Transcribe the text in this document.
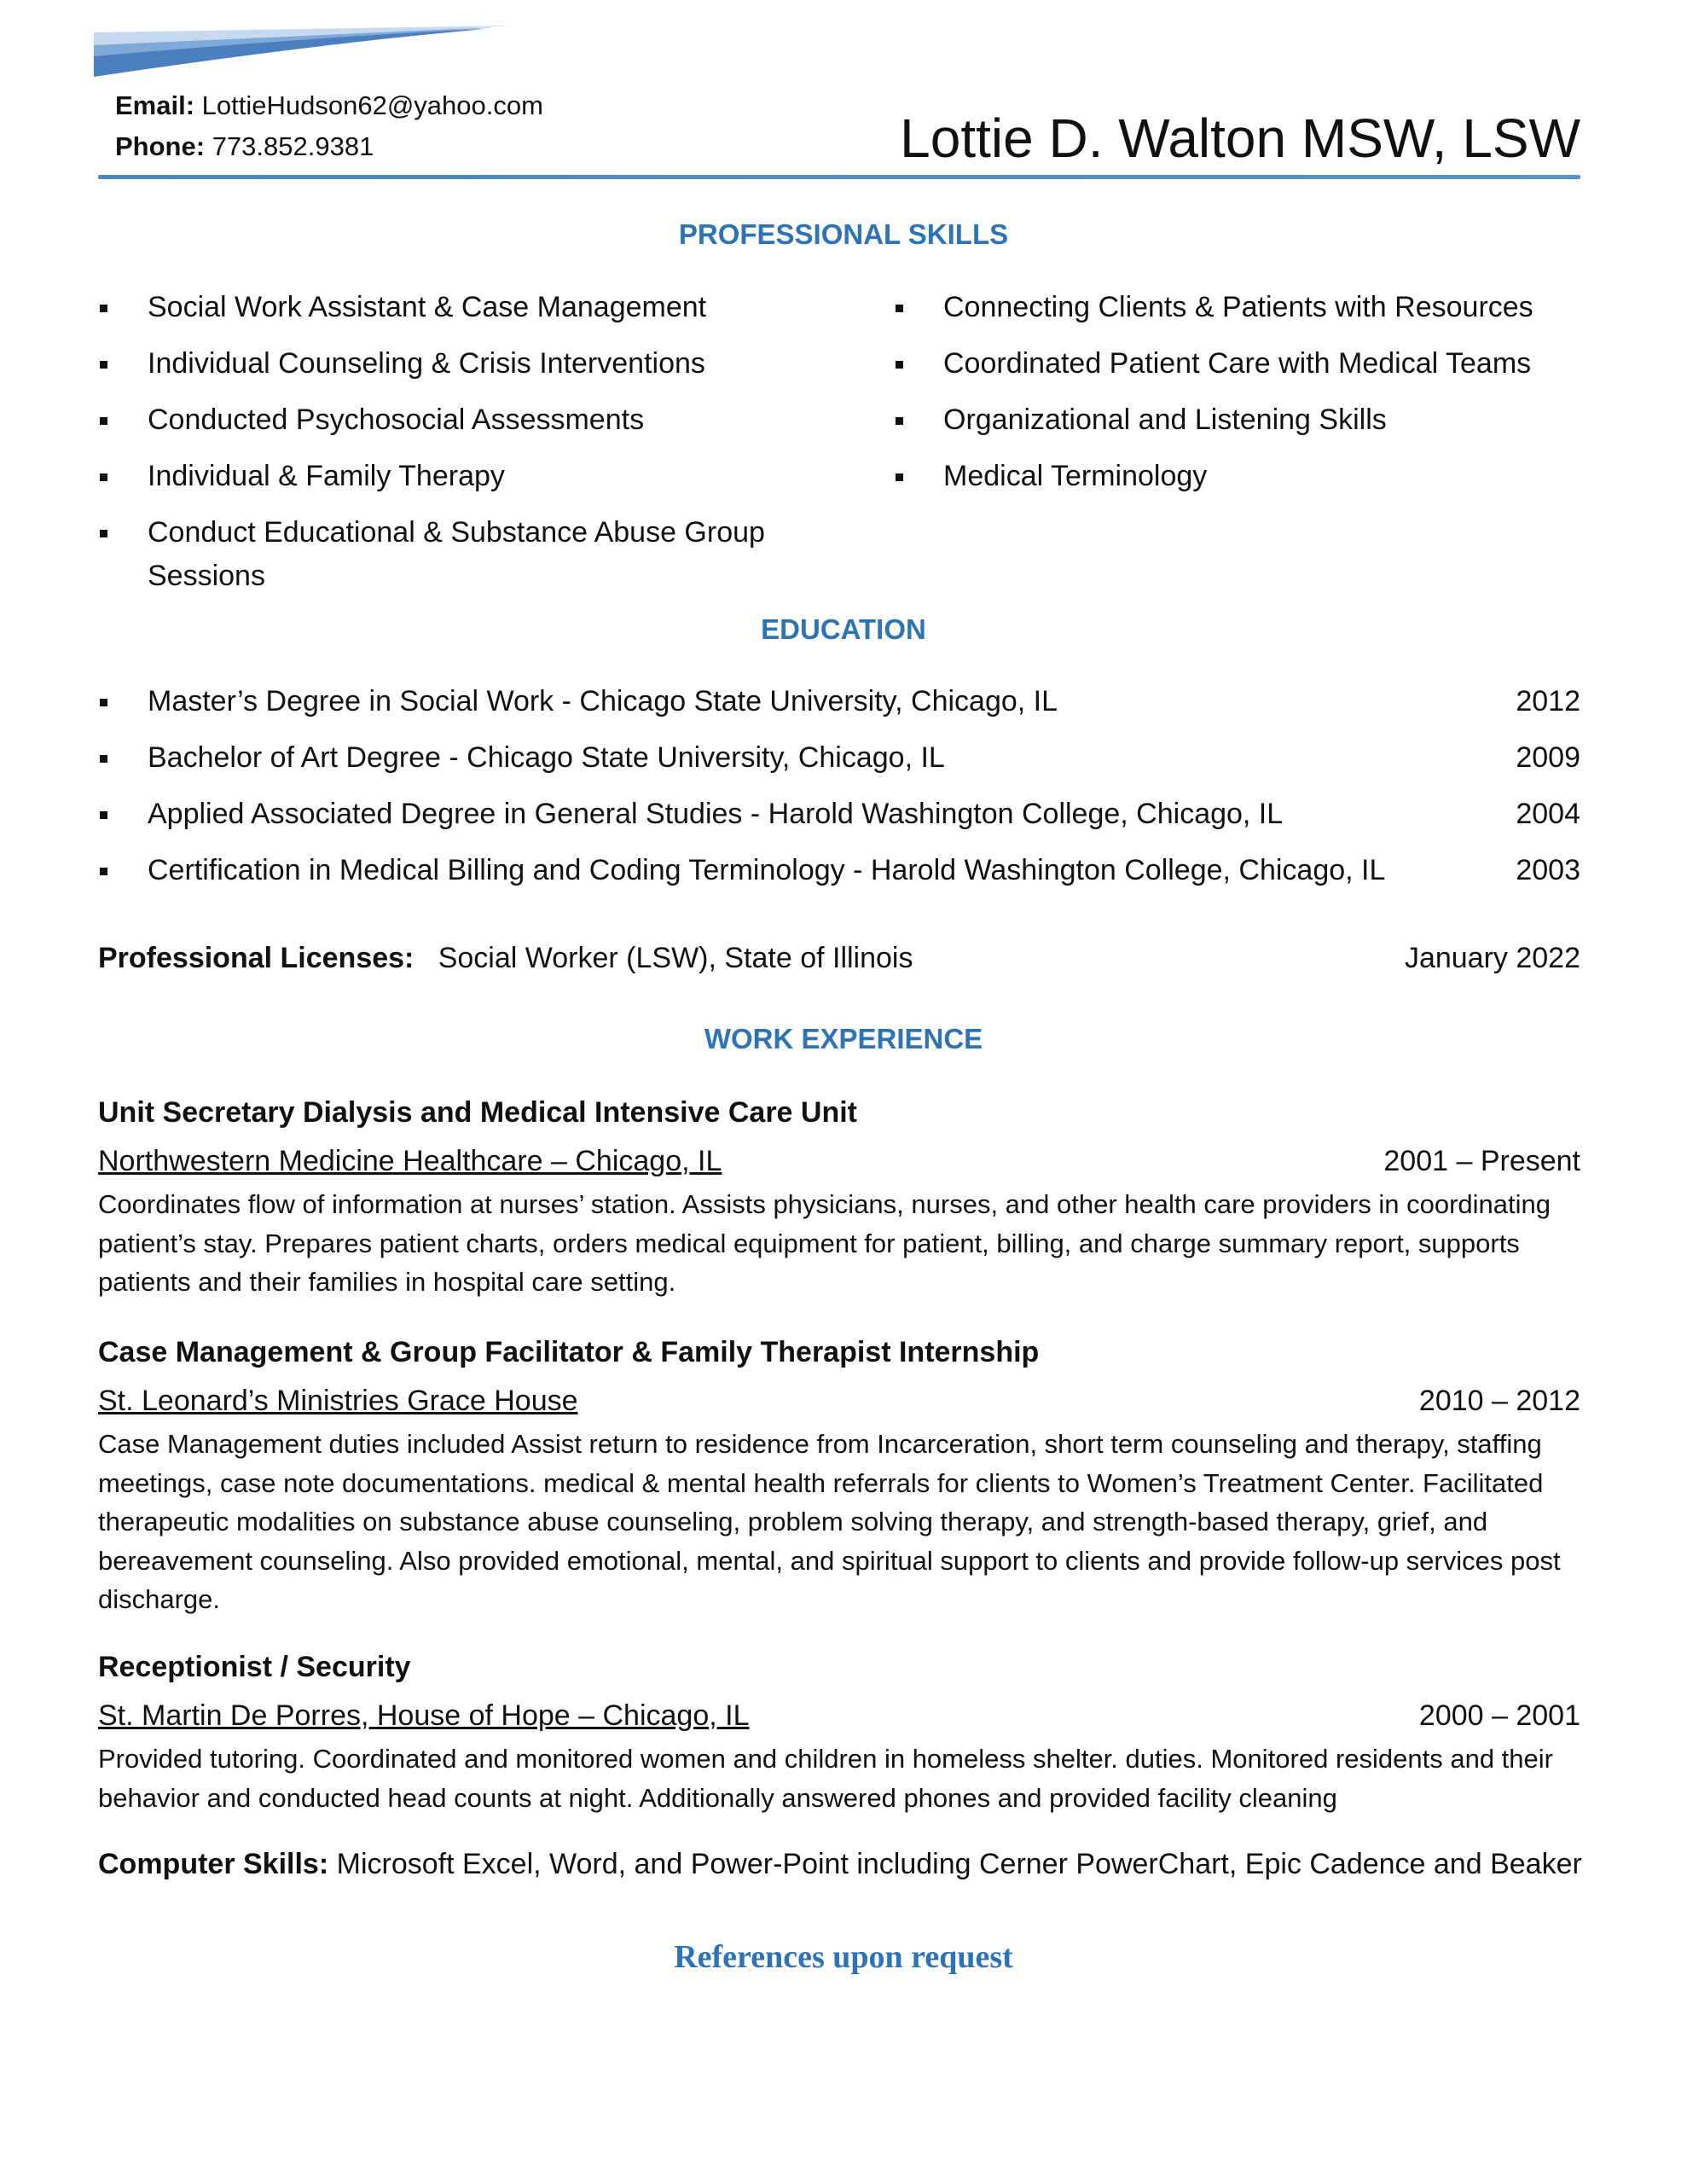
Email: LottieHudson62@yahoo.com
Phone: 773.852.9381	Lottie D. Walton MSW, LSW
PROFESSIONAL SKILLS
Social Work Assistant & Case Management
Individual Counseling & Crisis Interventions
Conducted Psychosocial Assessments
Individual & Family Therapy
Conduct Educational & Substance Abuse Group Sessions
Connecting Clients & Patients with Resources
Coordinated Patient Care with Medical Teams
Organizational and Listening Skills
Medical Terminology
EDUCATION
Master’s Degree in Social Work - Chicago State University, Chicago, IL	2012
Bachelor of Art Degree - Chicago State University, Chicago, IL	2009
Applied Associated Degree in General Studies - Harold Washington College, Chicago, IL	2004
Certification in Medical Billing and Coding Terminology - Harold Washington College, Chicago, IL	2003
Professional Licenses: Social Worker (LSW), State of Illinois	January 2022
WORK EXPERIENCE
Unit Secretary Dialysis and Medical Intensive Care Unit
Northwestern Medicine Healthcare – Chicago, IL	2001 – Present
Coordinates flow of information at nurses’ station. Assists physicians, nurses, and other health care providers in coordinating patient’s stay. Prepares patient charts, orders medical equipment for patient, billing, and charge summary report, supports patients and their families in hospital care setting.
Case Management & Group Facilitator & Family Therapist Internship
St. Leonard’s Ministries Grace House	2010 – 2012
Case Management duties included Assist return to residence from Incarceration, short term counseling and therapy, staffing meetings, case note documentations. medical & mental health referrals for clients to Women’s Treatment Center. Facilitated therapeutic modalities on substance abuse counseling, problem solving therapy, and strength-based therapy, grief, and bereavement counseling. Also provided emotional, mental, and spiritual support to clients and provide follow-up services post discharge.
Receptionist / Security
St. Martin De Porres, House of Hope – Chicago, IL	2000 – 2001
Provided tutoring. Coordinated and monitored women and children in homeless shelter. duties. Monitored residents and their behavior and conducted head counts at night. Additionally answered phones and provided facility cleaning
Computer Skills: Microsoft Excel, Word, and Power-Point including Cerner PowerChart, Epic Cadence and Beaker
References upon request
